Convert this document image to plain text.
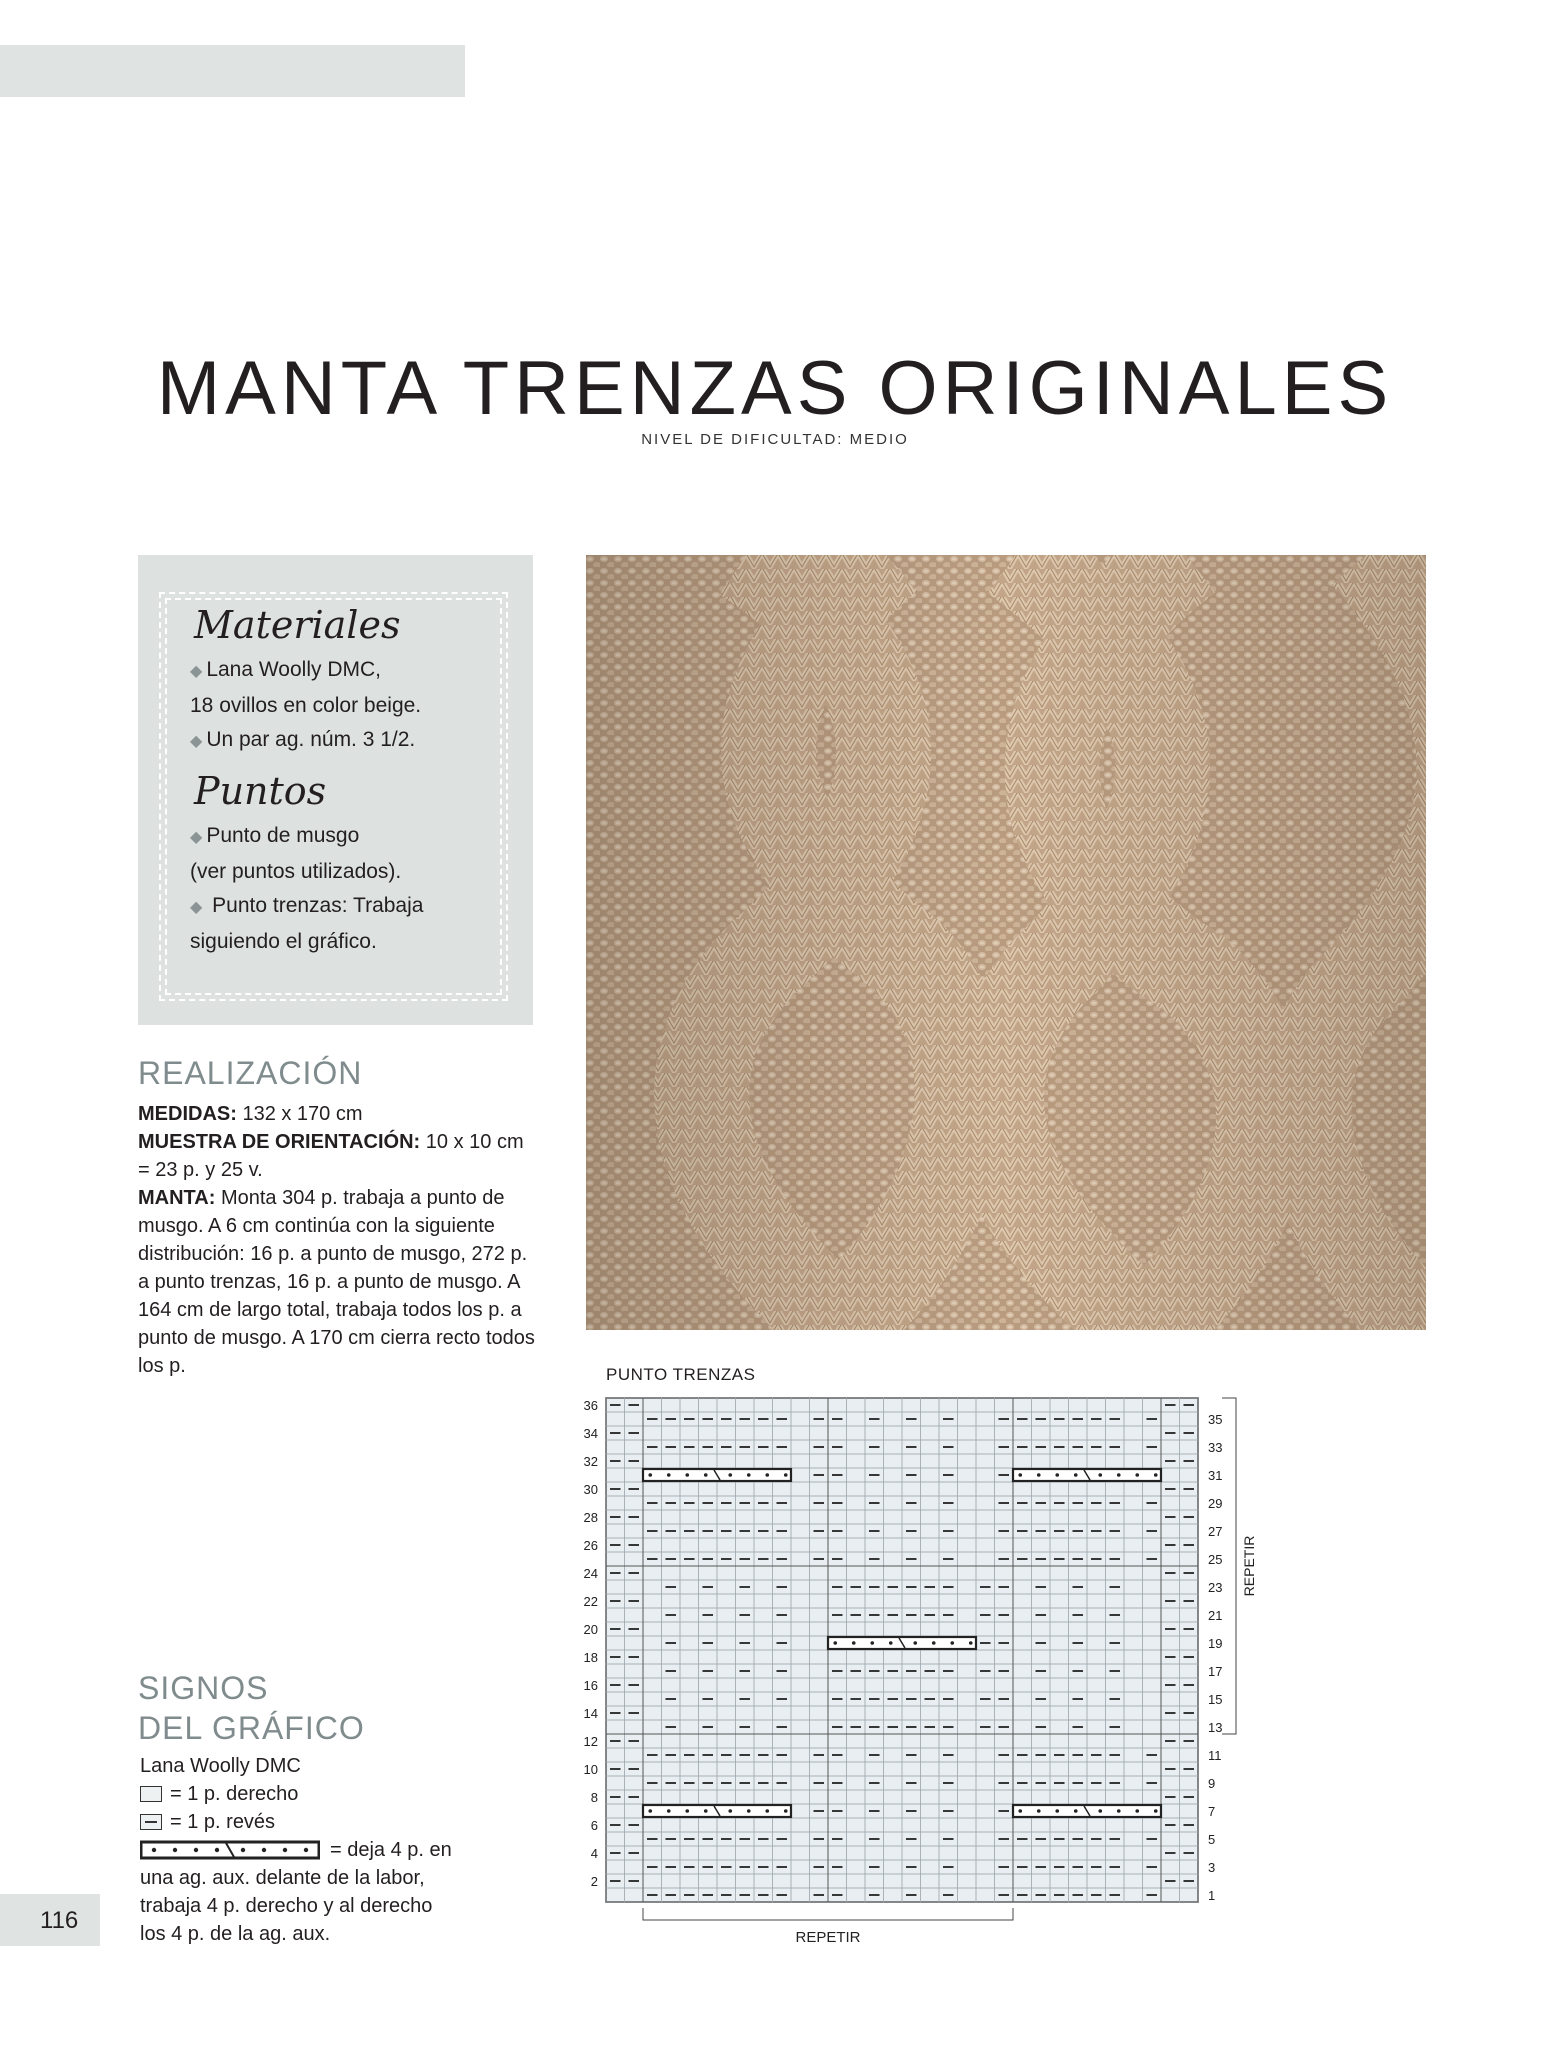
MANTA TRENZAS ORIGINALES
NIVEL DE DIFICULTAD: MEDIO

Materiales

◆ Lana Woolly DMC,
18 ovillos en color beige.
◆ Un par ag. núm. 3 1/2.

Puntos

◆ Punto de musgo
(ver puntos utilizados).
◆ Punto trenzas: Trabaja
siguiendo el gráfico.
REALIZACIÓN
MEDIDAS: 132 x 170 cm
MUESTRA DE ORIENTACIÓN: 10 x 10 cm = 23 p. y 25 v.
MANTA: Monta 304 p. trabaja a punto de musgo. A 6 cm continúa con la siguiente distribución: 16 p. a punto de musgo, 272 p. a punto trenzas, 16 p. a punto de musgo. A 164 cm de largo total, trabaja todos los p. a punto de musgo. A 170 cm cierra recto todos los p.
SIGNOS
DEL GRÁFICO
Lana Woolly DMC
= 1 p. derecho
= 1 p. revés
= deja 4 p. en
una ag. aux. delante de la labor,
trabaja 4 p. derecho y al derecho
los 4 p. de la ag. aux.
116
PUNTO TRENZAS
36
34
32
30
28
26
24
22
20
18
16
14
12
10
8
6
4
2
35
33
31
29
27
25
23
21
19
17
15
13
11
9
7
5
3
1
REPETIR
REPETIR
